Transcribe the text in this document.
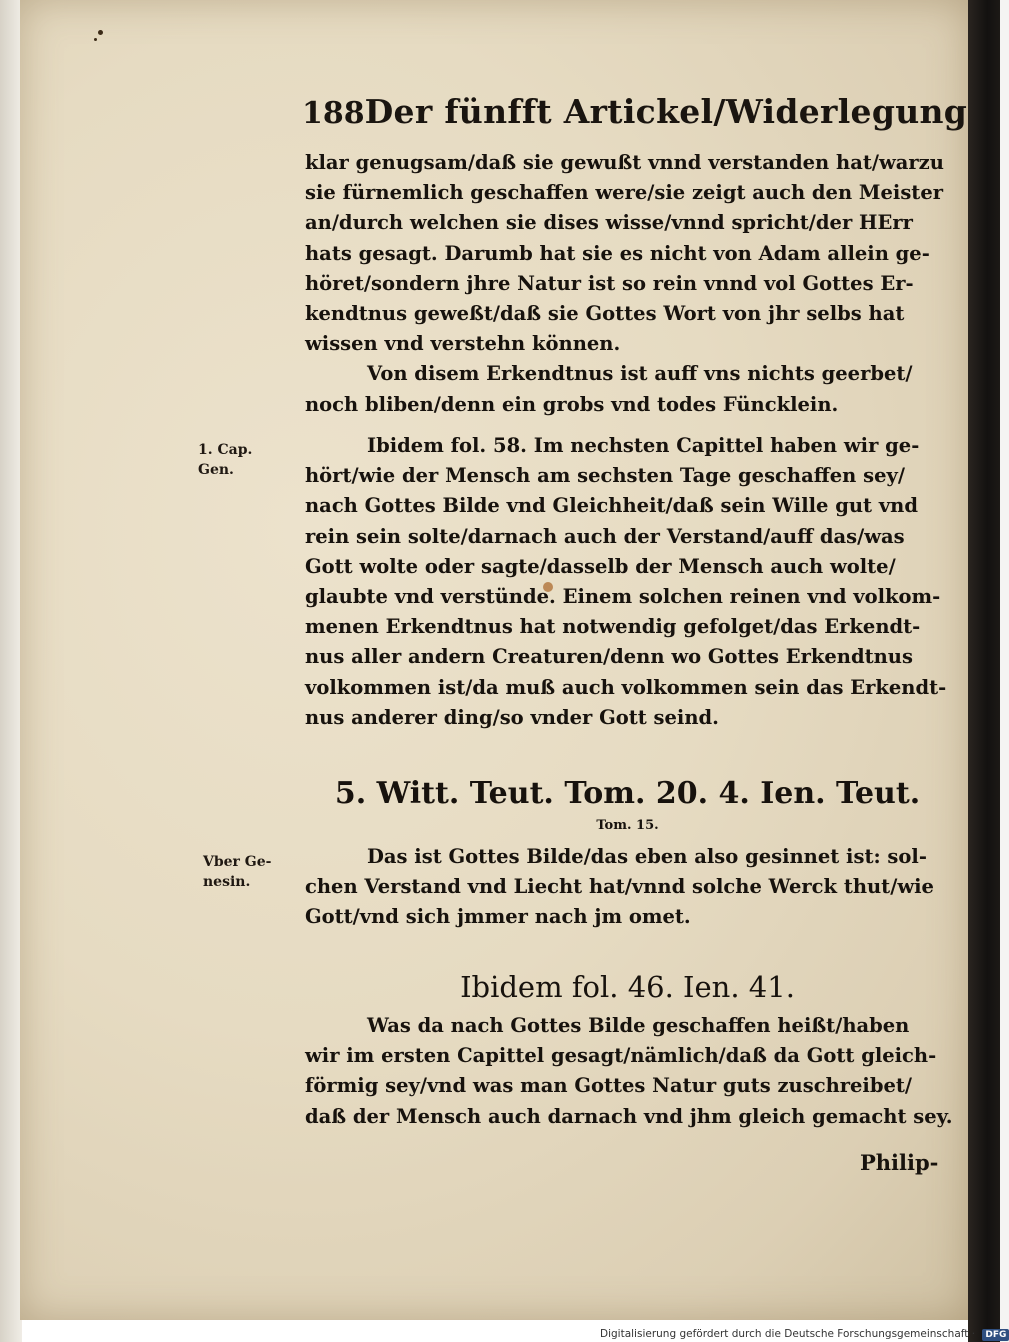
188 Der fünfft Artickel/Widerlegung
klar genugsam/daß sie gewußt vnnd verstanden hat/warzu
sie fürnemlich geschaffen were/sie zeigt auch den Meister
an/durch welchen sie dises wisse/vnnd spricht/der HErr
hats gesagt. Darumb hat sie es nicht von Adam allein ge-
höret/sondern jhre Natur ist so rein vnnd vol Gottes Er-
kendtnus geweßt/daß sie Gottes Wort von jhr selbs hat
wissen vnd verstehn können.
Von disem Erkendtnus ist auff vns nichts geerbet/
noch bliben/denn ein grobs vnd todes Füncklein.
1. Cap.
Gen.
Ibidem fol. 58. Im nechsten Capittel haben wir ge-
hört/wie der Mensch am sechsten Tage geschaffen sey/
nach Gottes Bilde vnd Gleichheit/daß sein Wille gut vnd
rein sein solte/darnach auch der Verstand/auff das/was
Gott wolte oder sagte/dasselb der Mensch auch wolte/
glaubte vnd verstünde. Einem solchen reinen vnd volkom-
menen Erkendtnus hat notwendig gefolget/das Erkendt-
nus aller andern Creaturen/denn wo Gottes Erkendtnus
volkommen ist/da muß auch volkommen sein das Erkendt-
nus anderer ding/so vnder Gott seind.
5. Witt. Teut. Tom. 20. 4. Ien. Teut.
Tom. 15.
Vber Ge-
nesin.
Das ist Gottes Bilde/das eben also gesinnet ist: sol-
chen Verstand vnd Liecht hat/vnnd solche Werck thut/wie
Gott/vnd sich jmmer nach jm omet.
Ibidem fol. 46. Ien. 41.
Was da nach Gottes Bilde geschaffen heißt/haben
wir im ersten Capittel gesagt/nämlich/daß da Gott gleich-
förmig sey/vnd was man Gottes Natur guts zuschreibet/
daß der Mensch auch darnach vnd jhm gleich gemacht sey.
Philip-
Digitalisierung gefördert durch die Deutsche Forschungsgemeinschaft · DFG
